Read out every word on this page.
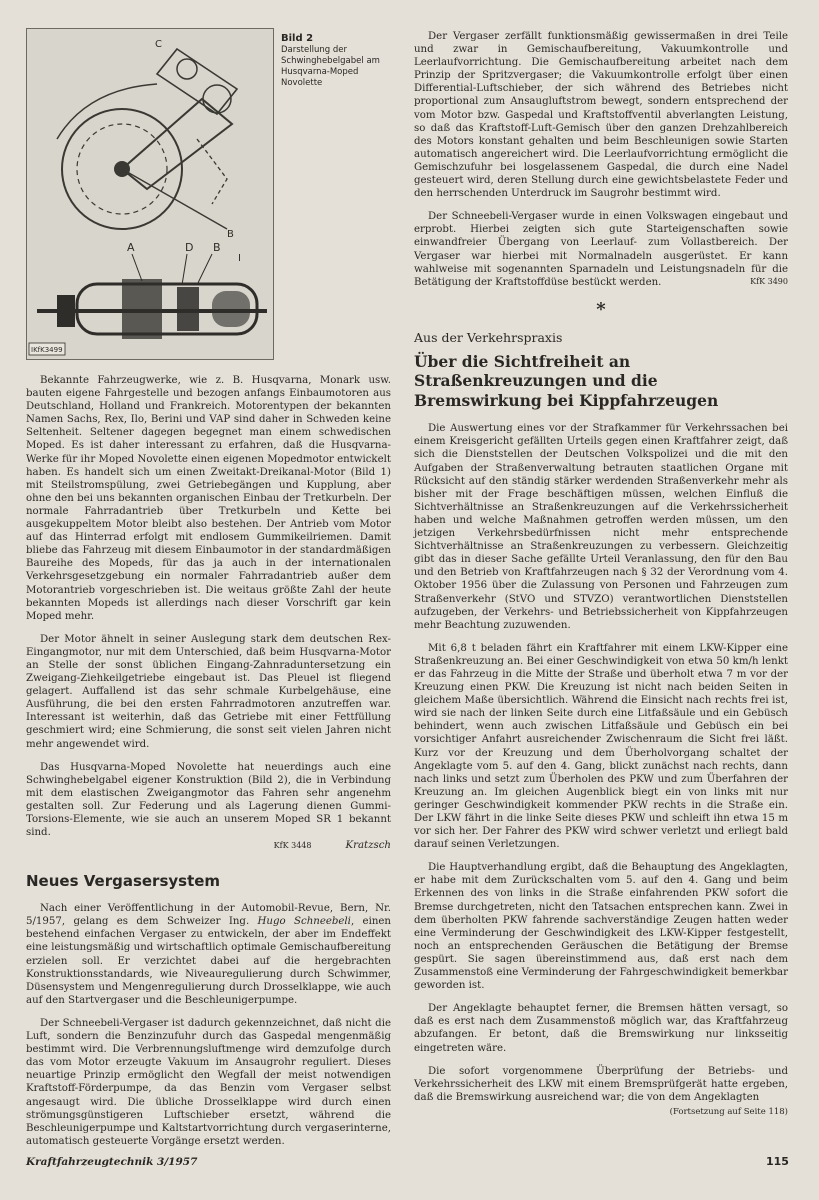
C
B
A	D B
I
IKfK3499
Bild 2
Darstellung der Schwinghebelgabel am Husqvarna-Moped Novolette

Bekannte Fahrzeugwerke, wie z. B. Husqvarna, Monark usw. bauten eigene Fahrgestelle und bezogen anfangs Einbaumotoren aus Deutschland, Holland und Frankreich. Motorentypen der bekannten Namen Sachs, Rex, Ilo, Berini und VAP sind daher in Schweden keine Seltenheit. Seltener dagegen begegnet man einem schwedischen Moped. Es ist daher interessant zu erfahren, daß die Husqvarna-Werke für ihr Moped Novolette einen eigenen Mopedmotor entwickelt haben. Es handelt sich um einen Zweitakt-Dreikanal-Motor (Bild 1) mit Steilstromspülung, zwei Getriebegängen und Kupplung, aber ohne den bei uns bekannten organischen Einbau der Tretkurbeln. Der normale Fahrradantrieb über Tretkurbeln und Kette bei ausgekuppeltem Motor bleibt also bestehen. Der Antrieb vom Motor auf das Hinterrad erfolgt mit endlosem Gummikeilriemen. Damit bliebe das Fahrzeug mit diesem Einbaumotor in der standardmäßigen Baureihe des Mopeds, für das ja auch in der internationalen Verkehrsgesetzgebung ein normaler Fahrradantrieb außer dem Motorantrieb vorgeschrieben ist. Die weitaus größte Zahl der heute bekannten Mopeds ist allerdings nach dieser Vorschrift gar kein Moped mehr.

Der Motor ähnelt in seiner Auslegung stark dem deutschen Rex-Eingangmotor, nur mit dem Unterschied, daß beim Husqvarna-Motor an Stelle der sonst üblichen Eingang-Zahnraduntersetzung ein Zweigang-Ziehkeilgetriebe eingebaut ist. Das Pleuel ist fliegend gelagert. Auffallend ist das sehr schmale Kurbelgehäuse, eine Ausführung, die bei den ersten Fahrradmotoren anzutreffen war. Interessant ist weiterhin, daß das Getriebe mit einer Fettfüllung geschmiert wird; eine Schmierung, die sonst seit vielen Jahren nicht mehr angewendet wird.

Das Husqvarna-Moped Novolette hat neuerdings auch eine Schwinghebelgabel eigener Konstruktion (Bild 2), die in Verbindung mit dem elastischen Zweigangmotor das Fahren sehr angenehm gestalten soll. Zur Federung und als Lagerung dienen Gummi-Torsions-Elemente, wie sie auch an unserem Moped SR 1 bekannt sind.

KfK 3448	Kratzsch
Neues Vergasersystem

Nach einer Veröffentlichung in der Automobil-Revue, Bern, Nr. 5/1957, gelang es dem Schweizer Ing. Hugo Schneebeli, einen bestehend einfachen Vergaser zu entwickeln, der aber im Endeffekt eine leistungsmäßig und wirtschaftlich optimale Gemischaufbereitung erzielen soll. Er verzichtet dabei auf die hergebrachten Konstruktionsstandards, wie Niveauregulierung durch Schwimmer, Düsensystem und Mengenregulierung durch Drosselklappe, wie auch auf den Startvergaser und die Beschleunigerpumpe.

Der Schneebeli-Vergaser ist dadurch gekennzeichnet, daß nicht die Luft, sondern die Benzinzufuhr durch das Gaspedal mengenmäßig bestimmt wird. Die Verbrennungsluftmenge wird demzufolge durch das vom Motor erzeugte Vakuum im Ansaugrohr reguliert. Dieses neuartige Prinzip ermöglicht den Wegfall der meist notwendigen Kraftstoff-Förderpumpe, da das Benzin vom Vergaser selbst angesaugt wird. Die übliche Drosselklappe wird durch einen strömungsgünstigeren Luftschieber ersetzt, während die Beschleunigerpumpe und Kaltstartvorrichtung durch vergaserinterne, automatisch gesteuerte Vorgänge ersetzt werden.

Der Vergaser zerfällt funktionsmäßig gewissermaßen in drei Teile und zwar in Gemischaufbereitung, Vakuumkontrolle und Leerlaufvorrichtung. Die Gemischaufbereitung arbeitet nach dem Prinzip der Spritzvergaser; die Vakuumkontrolle erfolgt über einen Differential-Luftschieber, der sich während des Betriebes nicht proportional zum Ansaugluftstrom bewegt, sondern entsprechend der vom Motor bzw. Gaspedal und Kraftstoffventil abverlangten Leistung, so daß das Kraftstoff-Luft-Gemisch über den ganzen Drehzahlbereich des Motors konstant gehalten und beim Beschleunigen sowie Starten automatisch angereichert wird. Die Leerlaufvorrichtung ermöglicht die Gemischzufuhr bei losgelassenem Gaspedal, die durch eine Nadel gesteuert wird, deren Stellung durch eine gewichtsbelastete Feder und den herrschenden Unterdruck im Saugrohr bestimmt wird.

Der Schneebeli-Vergaser wurde in einen Volkswagen eingebaut und erprobt. Hierbei zeigten sich gute Starteigenschaften sowie einwandfreier Übergang von Leerlauf- zum Vollastbereich. Der Vergaser war hierbei mit Normalnadeln ausgerüstet. Er kann wahlweise mit sogenannten Sparnadeln und Leistungsnadeln für die Betätigung der Kraftstoffdüse bestückt werden.	KfK 3490
*
Aus der Verkehrspraxis
Über die Sichtfreiheit an Straßenkreuzungen und die Bremswirkung bei Kippfahrzeugen

Die Auswertung eines vor der Strafkammer für Verkehrssachen bei einem Kreisgericht gefällten Urteils gegen einen Kraftfahrer zeigt, daß sich die Dienststellen der Deutschen Volkspolizei und die mit den Aufgaben der Straßenverwaltung betrauten staatlichen Organe mit Rücksicht auf den ständig stärker werdenden Straßenverkehr mehr als bisher mit der Frage beschäftigen müssen, welchen Einfluß die Sichtverhältnisse an Straßenkreuzungen auf die Verkehrssicherheit haben und welche Maßnahmen getroffen werden müssen, um den jetzigen Verkehrsbedürfnissen nicht mehr entsprechende Sichtverhältnisse an Straßenkreuzungen zu verbessern. Gleichzeitig gibt das in dieser Sache gefällte Urteil Veranlassung, den für den Bau und den Betrieb von Kraftfahrzeugen nach § 32 der Verordnung vom 4. Oktober 1956 über die Zulassung von Personen und Fahrzeugen zum Straßenverkehr (StVO und STVZO) verantwortlichen Dienststellen aufzugeben, der Verkehrs- und Betriebssicherheit von Kippfahrzeugen mehr Beachtung zuzuwenden.

Mit 6,8 t beladen fährt ein Kraftfahrer mit einem LKW-Kipper eine Straßenkreuzung an. Bei einer Geschwindigkeit von etwa 50 km/h lenkt er das Fahrzeug in die Mitte der Straße und überholt etwa 7 m vor der Kreuzung einen PKW. Die Kreuzung ist nicht nach beiden Seiten in gleichem Maße übersichtlich. Während die Einsicht nach rechts frei ist, wird sie nach der linken Seite durch eine Litfaßsäule und ein Gebüsch behindert, wenn auch zwischen Litfaßsäule und Gebüsch ein bei vorsichtiger Anfahrt ausreichender Zwischenraum die Sicht frei läßt. Kurz vor der Kreuzung und dem Überholvorgang schaltet der Angeklagte vom 5. auf den 4. Gang, blickt zunächst nach rechts, dann nach links und setzt zum Überholen des PKW und zum Überfahren der Kreuzung an. Im gleichen Augenblick biegt ein von links mit nur geringer Geschwindigkeit kommender PKW rechts in die Straße ein. Der LKW fährt in die linke Seite dieses PKW und schleift ihn etwa 15 m vor sich her. Der Fahrer des PKW wird schwer verletzt und erliegt bald darauf seinen Verletzungen.

Die Hauptverhandlung ergibt, daß die Behauptung des Angeklagten, er habe mit dem Zurückschalten vom 5. auf den 4. Gang und beim Erkennen des von links in die Straße einfahrenden PKW sofort die Bremse durchgetreten, nicht den Tatsachen entsprechen kann. Zwei in dem überholten PKW fahrende sachverständige Zeugen hatten weder eine Verminderung der Geschwindigkeit des LKW-Kipper festgestellt, noch an entsprechenden Geräuschen die Betätigung der Bremse gespürt. Sie sagen übereinstimmend aus, daß erst nach dem Zusammenstoß eine Verminderung der Fahrgeschwindigkeit bemerkbar geworden ist.

Der Angeklagte behauptet ferner, die Bremsen hätten versagt, so daß es erst nach dem Zusammenstoß möglich war, das Kraftfahrzeug abzufangen. Er betont, daß die Bremswirkung nur linksseitig eingetreten wäre.

Die sofort vorgenommene Überprüfung der Betriebs- und Verkehrssicherheit des LKW mit einem Bremsprüfgerät hatte ergeben, daß die Bremswirkung ausreichend war; die von dem Angeklagten

(Fortsetzung auf Seite 118)
Kraftfahrzeugtechnik 3/1957	115
